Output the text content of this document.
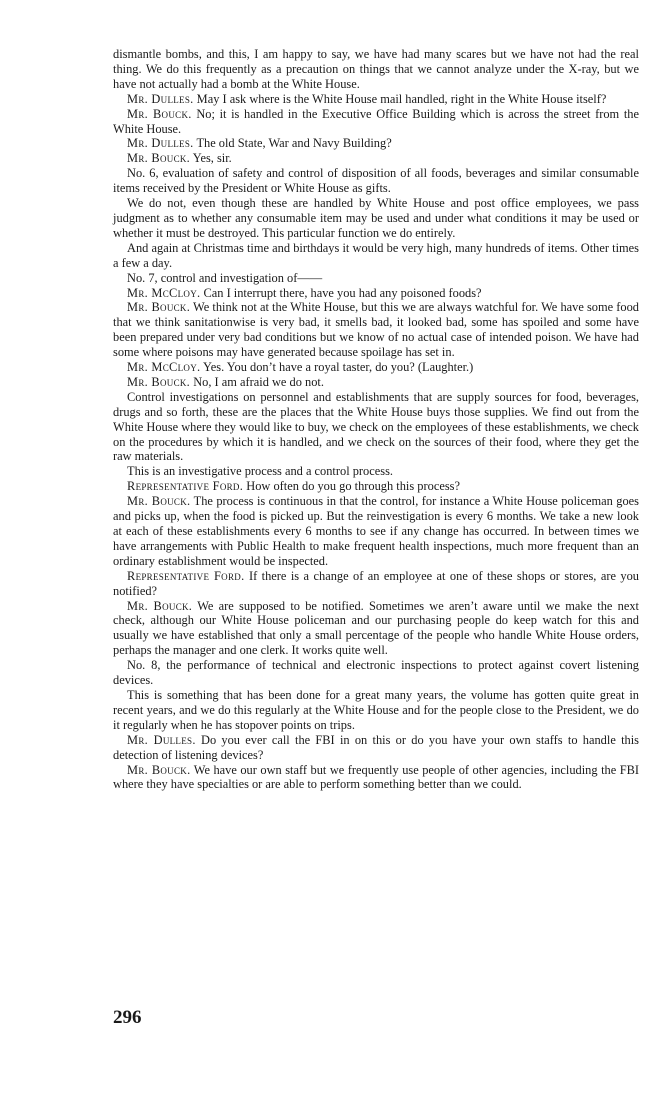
dismantle bombs, and this, I am happy to say, we have had many scares but we have not had the real thing. We do this frequently as a precaution on things that we cannot analyze under the X-ray, but we have not actually had a bomb at the White House.

Mr. Dulles. May I ask where is the White House mail handled, right in the White House itself?

Mr. Bouck. No; it is handled in the Executive Office Building which is across the street from the White House.

Mr. Dulles. The old State, War and Navy Building?

Mr. Bouck. Yes, sir.

No. 6, evaluation of safety and control of disposition of all foods, beverages and similar consumable items received by the President or White House as gifts.

We do not, even though these are handled by White House and post office employees, we pass judgment as to whether any consumable item may be used and under what conditions it may be used or whether it must be destroyed. This particular function we do entirely.

And again at Christmas time and birthdays it would be very high, many hundreds of items. Other times a few a day.

No. 7, control and investigation of——

Mr. McCloy. Can I interrupt there, have you had any poisoned foods?

Mr. Bouck. We think not at the White House, but this we are always watchful for. We have some food that we think sanitationwise is very bad, it smells bad, it looked bad, some has spoiled and some have been prepared under very bad conditions but we know of no actual case of intended poison. We have had some where poisons may have generated because spoilage has set in.

Mr. McCloy. Yes. You don’t have a royal taster, do you? (Laughter.)

Mr. Bouck. No, I am afraid we do not.

Control investigations on personnel and establishments that are supply sources for food, beverages, drugs and so forth, these are the places that the White House buys those supplies. We find out from the White House where they would like to buy, we check on the employees of these establishments, we check on the procedures by which it is handled, and we check on the sources of their food, where they get the raw materials.

This is an investigative process and a control process.

Representative Ford. How often do you go through this process?

Mr. Bouck. The process is continuous in that the control, for instance a White House policeman goes and picks up, when the food is picked up. But the reinvestigation is every 6 months. We take a new look at each of these establishments every 6 months to see if any change has occurred. In between times we have arrangements with Public Health to make frequent health inspections, much more frequent than an ordinary establishment would be inspected.

Representative Ford. If there is a change of an employee at one of these shops or stores, are you notified?

Mr. Bouck. We are supposed to be notified. Sometimes we aren’t aware until we make the next check, although our White House policeman and our purchasing people do keep watch for this and usually we have established that only a small percentage of the people who handle White House orders, perhaps the manager and one clerk. It works quite well.

No. 8, the performance of technical and electronic inspections to protect against covert listening devices.

This is something that has been done for a great many years, the volume has gotten quite great in recent years, and we do this regularly at the White House and for the people close to the President, we do it regularly when he has stopover points on trips.

Mr. Dulles. Do you ever call the FBI in on this or do you have your own staffs to handle this detection of listening devices?

Mr. Bouck. We have our own staff but we frequently use people of other agencies, including the FBI where they have specialties or are able to perform something better than we could.

296
